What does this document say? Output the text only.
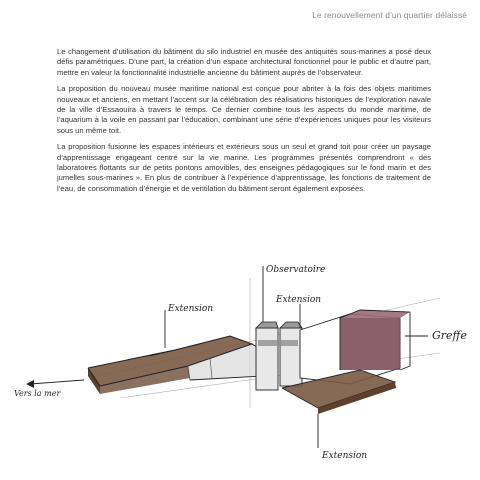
Le renouvellement d’un quartier délaissé

Le changement d’utilisation du bâtiment du silo industriel en musée des antiquités sous-marines a posé deux défis paramétriques. D’une part, la création d’un espace architectural fonctionnel pour le public et d’autre part, mettre en valeur la fonctionnalité industrielle ancienne du bâtiment auprès de l’observateur.

La proposition du nouveau musée maritime national est conçue pour abriter à la fois des objets maritimes nouveaux et anciens, en mettant l’accent sur la célébration des réalisations historiques de l’exploration navale de la ville d’Essaouira à travers le temps. Ce dernier combine tous les aspects du monde maritime, de l’aquarium à la voile en passant par l’éducation, combinant une série d’expériences uniques pour les visiteurs sous un même toit.

La proposition fusionne les espaces intérieurs et extérieurs sous un seul et grand toit pour créer un paysage d’apprentissage engageant centré sur la vie marine. Les programmes présentés comprendront « des laboratoires flottants sur de petits pontons amovibles, des enseignes pédagogiques sur le fond marin et des jumelles sous-marines ». En plus de contribuer à l’expérience d’apprentissage, les fonctions de traitement de l’eau, de consommation d’énergie et de ventilation du bâtiment seront également exposées.

Observatoire
Extension
Extension
Greffe
Vers la mer
Extension
